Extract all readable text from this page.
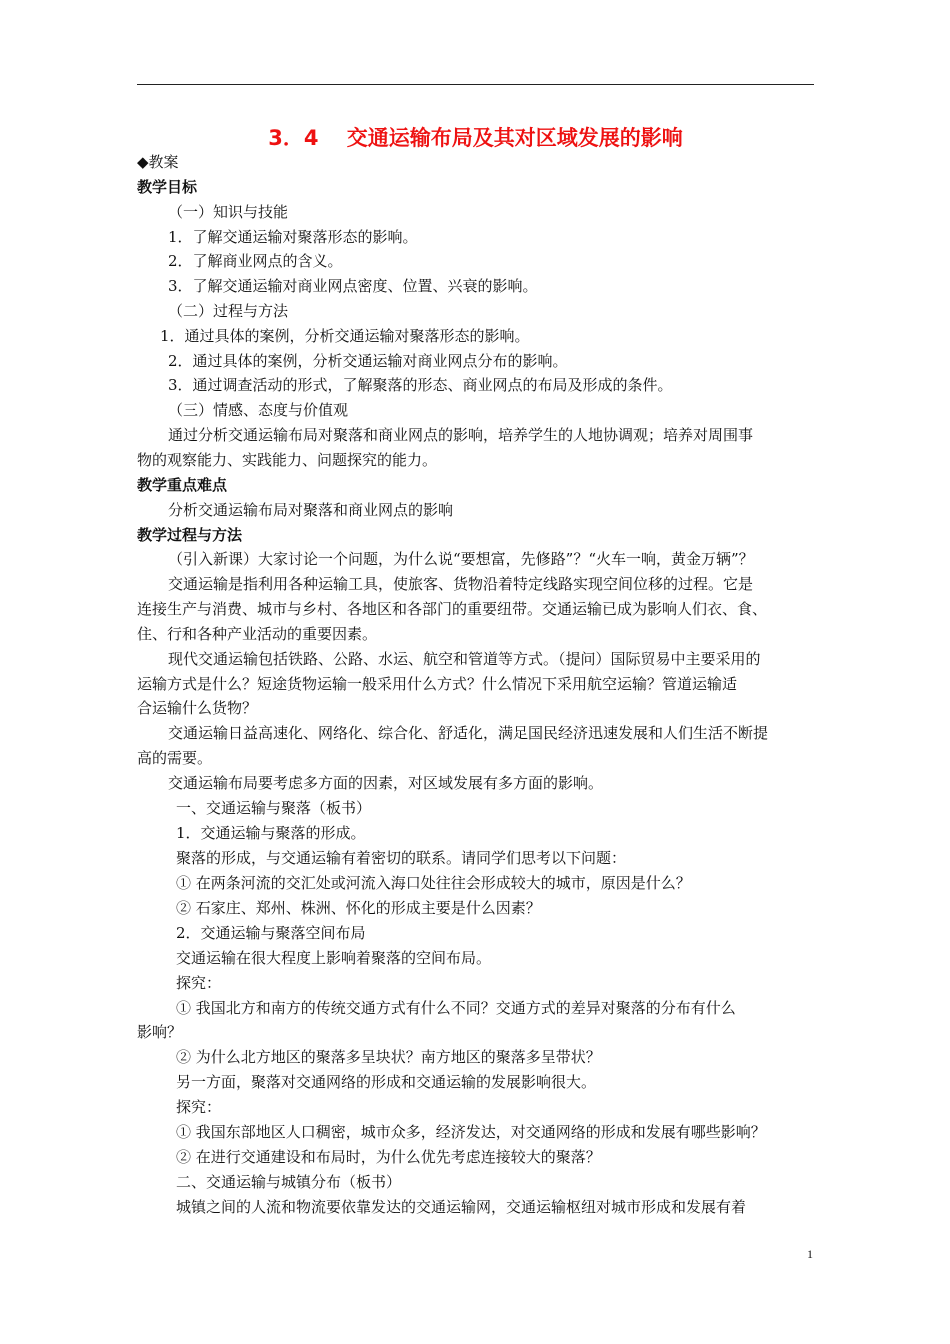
3．4　 交通运输布局及其对区域发展的影响
◆教案
教学目标
（一）知识与技能
1．了解交通运输对聚落形态的影响。
2．了解商业网点的含义。
3．了解交通运输对商业网点密度、位置、兴衰的影响。
（二）过程与方法
1．通过具体的案例，分析交通运输对聚落形态的影响。
2．通过具体的案例，分析交通运输对商业网点分布的影响。
3．通过调查活动的形式，了解聚落的形态、商业网点的布局及形成的条件。
（三）情感、态度与价值观
通过分析交通运输布局对聚落和商业网点的影响，培养学生的人地协调观；培养对周围事
物的观察能力、实践能力、问题探究的能力。
教学重点难点
分析交通运输布局对聚落和商业网点的影响
教学过程与方法
（引入新课）大家讨论一个问题，为什么说“要想富，先修路”？“火车一响，黄金万辆”？
交通运输是指利用各种运输工具，使旅客、货物沿着特定线路实现空间位移的过程。它是
连接生产与消费、城市与乡村、各地区和各部门的重要纽带。交通运输已成为影响人们衣、食、
住、行和各种产业活动的重要因素。
现代交通运输包括铁路、公路、水运、航空和管道等方式。（提问）国际贸易中主要采用的
运输方式是什么？短途货物运输一般采用什么方式？什么情况下采用航空运输？管道运输适
合运输什么货物？
交通运输日益高速化、网络化、综合化、舒适化，满足国民经济迅速发展和人们生活不断提
高的需要。
交通运输布局要考虑多方面的因素，对区域发展有多方面的影响。
一、交通运输与聚落（板书）
1．交通运输与聚落的形成。
聚落的形成，与交通运输有着密切的联系。请同学们思考以下问题：
① 在两条河流的交汇处或河流入海口处往往会形成较大的城市，原因是什么？
② 石家庄、郑州、株洲、怀化的形成主要是什么因素？
2．交通运输与聚落空间布局
交通运输在很大程度上影响着聚落的空间布局。
探究：
① 我国北方和南方的传统交通方式有什么不同？交通方式的差异对聚落的分布有什么
影响？
② 为什么北方地区的聚落多呈块状？南方地区的聚落多呈带状？
另一方面，聚落对交通网络的形成和交通运输的发展影响很大。
探究：
① 我国东部地区人口稠密，城市众多，经济发达，对交通网络的形成和发展有哪些影响？
② 在进行交通建设和布局时，为什么优先考虑连接较大的聚落？
二、交通运输与城镇分布（板书）
城镇之间的人流和物流要依靠发达的交通运输网，交通运输枢纽对城市形成和发展有着
1
